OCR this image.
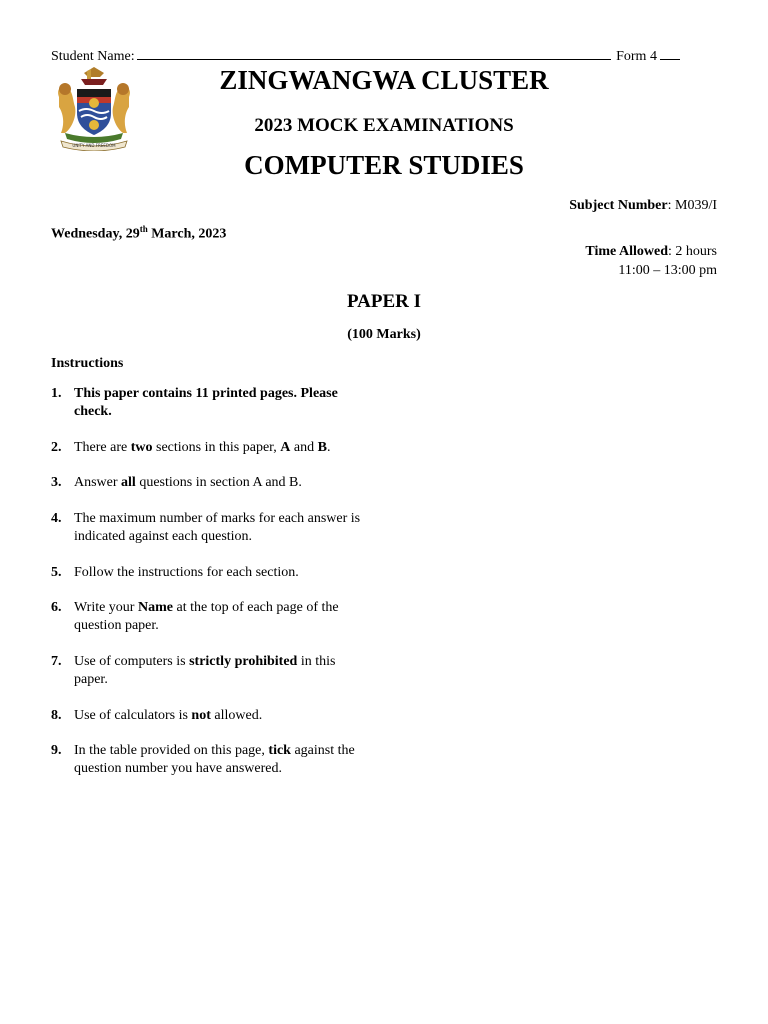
Student Name:	Form 4
UNITY AND FREEDOM
ZINGWANGWA CLUSTER
2023 MOCK EXAMINATIONS
COMPUTER STUDIES
Subject Number: M039/I
Wednesday, 29th March, 2023
Time Allowed: 2 hours
11:00 – 13:00 pm
PAPER I
(100 Marks)
Instructions
1. This paper contains 11 printed pages. Please check.
2. There are two sections in this paper, A and B.
3. Answer all questions in section A and B.
4. The maximum number of marks for each answer is indicated against each question.
5. Follow the instructions for each section.
6. Write your Name at the top of each page of the question paper.
7. Use of computers is strictly prohibited in this paper.
8. Use of calculators is not allowed.
9. In the table provided on this page, tick against the question number you have answered.
